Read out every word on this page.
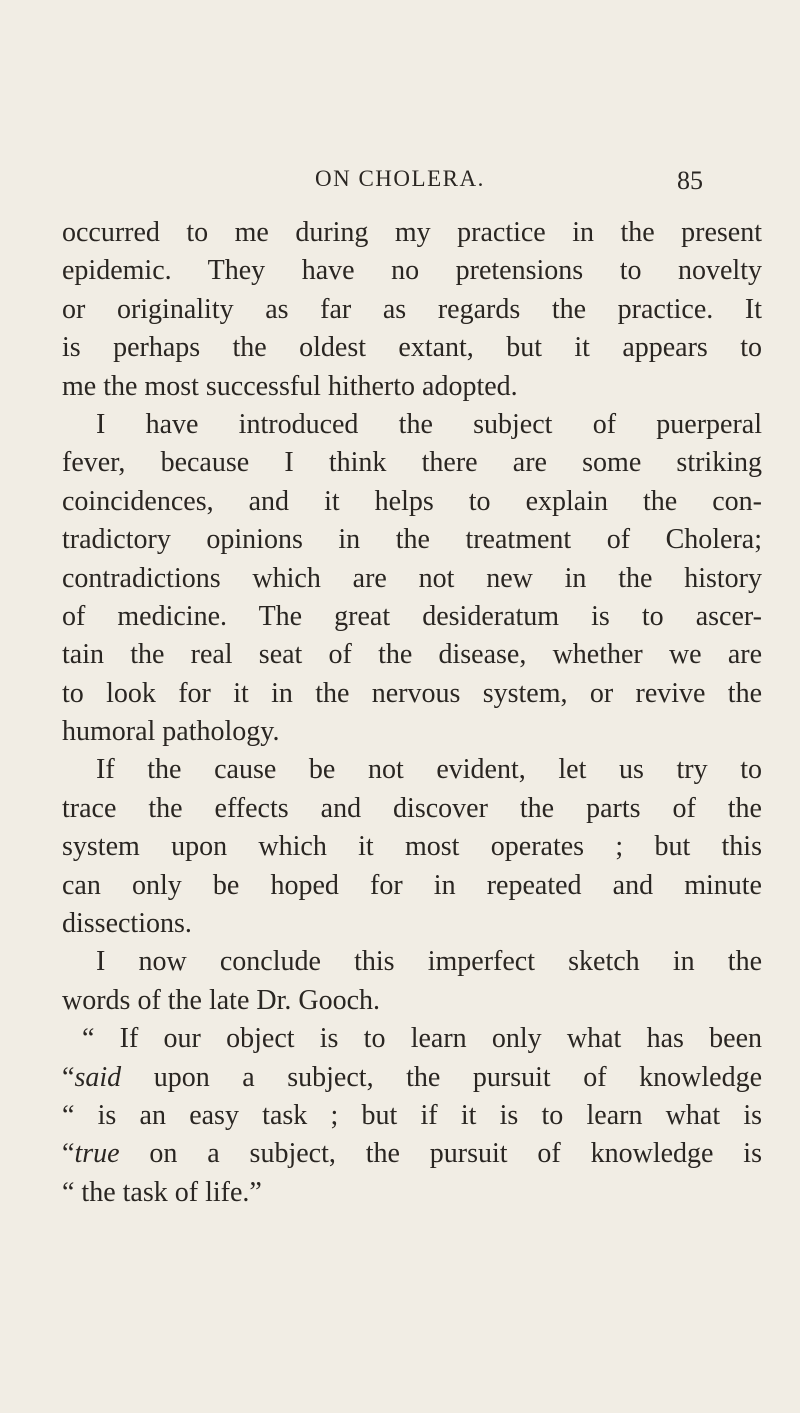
ON CHOLERA.	85
occurred to me during my practice in the present
epidemic. They have no pretensions to novelty
or originality as far as regards the practice. It
is perhaps the oldest extant, but it appears to
me the most successful hitherto adopted.
I have introduced the subject of puerperal
fever, because I think there are some striking
coincidences, and it helps to explain the con-
tradictory opinions in the treatment of Cholera;
contradictions which are not new in the history
of medicine. The great desideratum is to ascer-
tain the real seat of the disease, whether we are
to look for it in the nervous system, or revive the
humoral pathology.
If the cause be not evident, let us try to
trace the effects and discover the parts of the
system upon which it most operates ; but this
can only be hoped for in repeated and minute
dissections.
I now conclude this imperfect sketch in the
words of the late Dr. Gooch.
“ If our object is to learn only what has been
“said upon a subject, the pursuit of knowledge
“ is an easy task ; but if it is to learn what is
“true on a subject, the pursuit of knowledge is
“ the task of life.”
